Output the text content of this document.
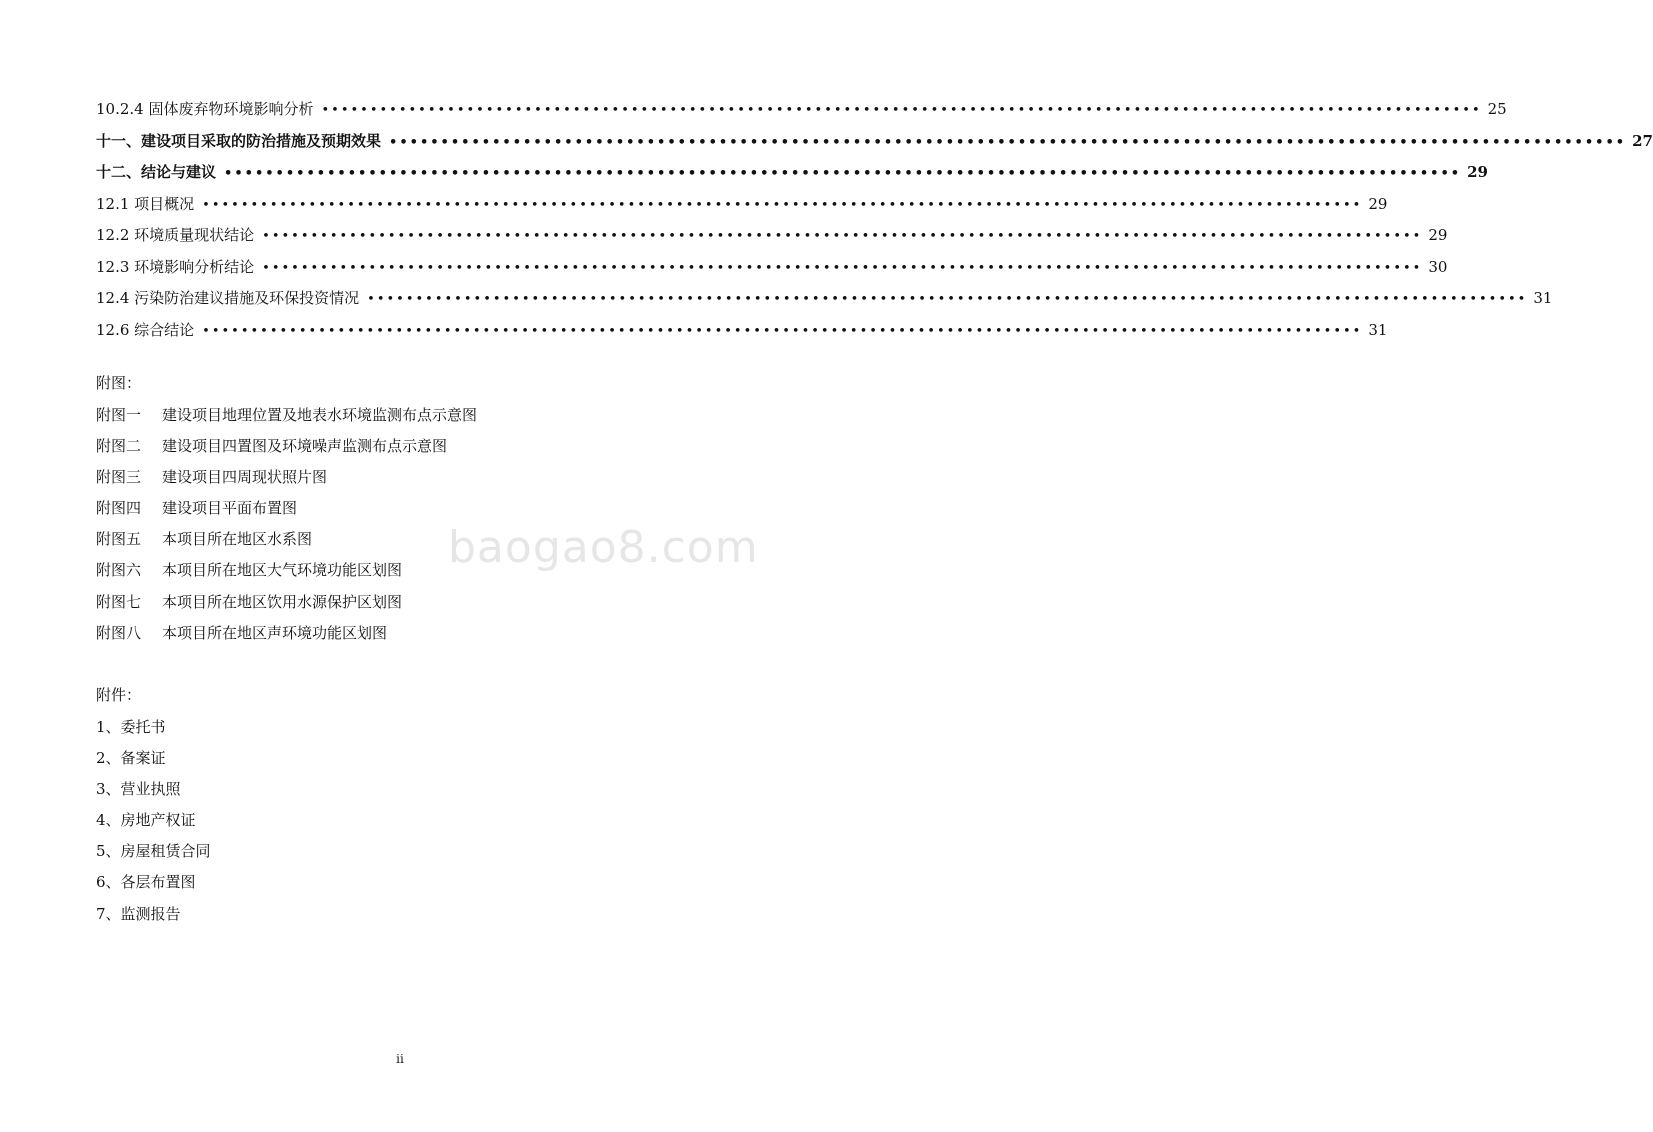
10.2.4 固体废弃物环境影响分析 •••••••••••••••••••••••••••••••••••••••••••••••••••••••••••••••••••••••••••••••••••••••••••••••••••••••••••••••••••••••• 25
十一、建设项目采取的防治措施及预期效果 •••••••••••••••••••••••••••••••••••••••••••••••••••••••••••••••••••••••••••••••••••••••••••••••••••••••••••••••••••••••• 27
十二、结论与建议 •••••••••••••••••••••••••••••••••••••••••••••••••••••••••••••••••••••••••••••••••••••••••••••••••••••••••••••••••••••••• 29
12.1 项目概况 •••••••••••••••••••••••••••••••••••••••••••••••••••••••••••••••••••••••••••••••••••••••••••••••••••••••••••••••••••••••• 29
12.2 环境质量现状结论 •••••••••••••••••••••••••••••••••••••••••••••••••••••••••••••••••••••••••••••••••••••••••••••••••••••••••••••••••••••••• 29
12.3 环境影响分析结论 •••••••••••••••••••••••••••••••••••••••••••••••••••••••••••••••••••••••••••••••••••••••••••••••••••••••••••••••••••••••• 30
12.4 污染防治建议措施及环保投资情况 •••••••••••••••••••••••••••••••••••••••••••••••••••••••••••••••••••••••••••••••••••••••••••••••••••••••••••••••••••••••• 31
12.6 综合结论 •••••••••••••••••••••••••••••••••••••••••••••••••••••••••••••••••••••••••••••••••••••••••••••••••••••••••••••••••••••••• 31
附图：
附图一	建设项目地理位置及地表水环境监测布点示意图
附图二	建设项目四置图及环境噪声监测布点示意图
附图三	建设项目四周现状照片图
附图四	建设项目平面布置图
附图五	本项目所在地区水系图
附图六	本项目所在地区大气环境功能区划图
附图七	本项目所在地区饮用水源保护区划图
附图八	本项目所在地区声环境功能区划图
附件：
1、委托书
2、备案证
3、营业执照
4、房地产权证
5、房屋租赁合同
6、各层布置图
7、监测报告
baogao8.com
ii
